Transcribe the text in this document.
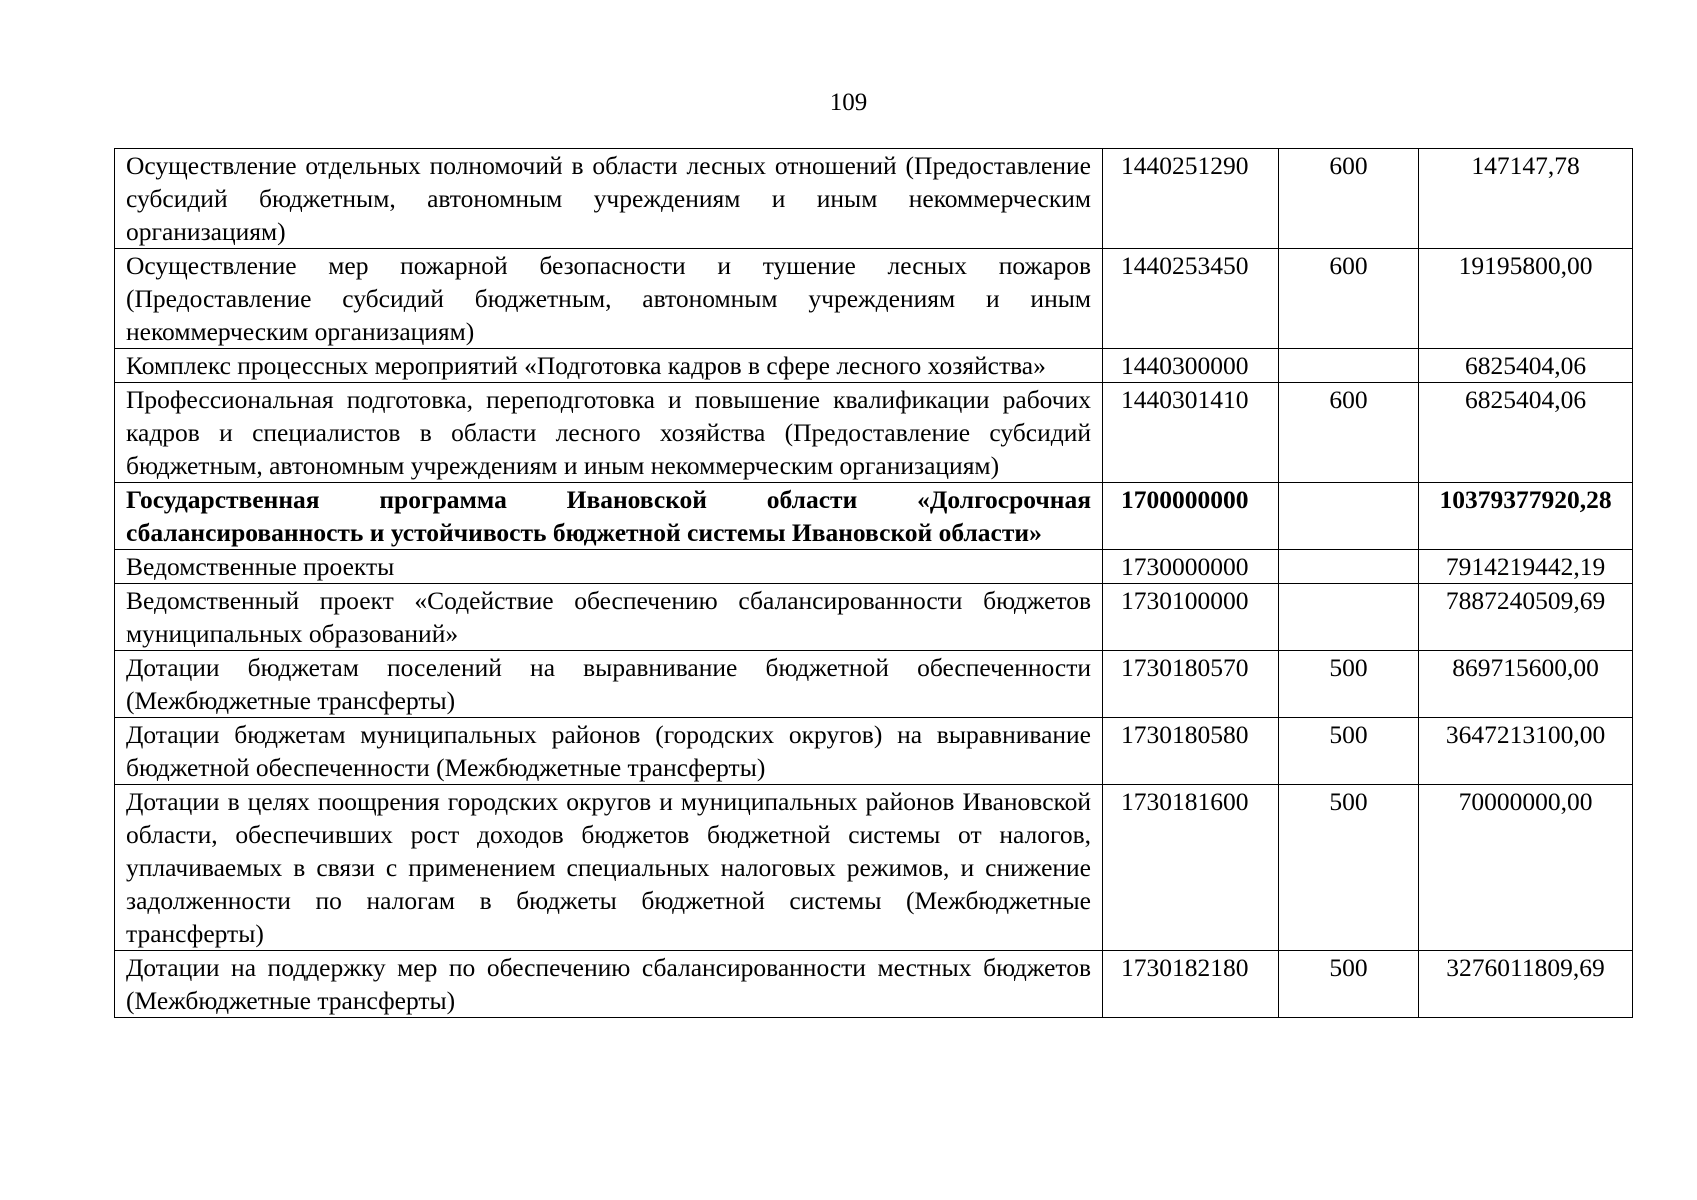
109
Осуществление отдельных полномочий в области лесных отношений (Предоставление субсидий бюджетным, автономным учреждениям и иным некоммерческим организациям)	1440251290	600	147147,78
Осуществление мер пожарной безопасности и тушение лесных пожаров (Предоставление субсидий бюджетным, автономным учреждениям и иным некоммерческим организациям)	1440253450	600	19195800,00
Комплекс процессных мероприятий «Подготовка кадров в сфере лесного хозяйства»	1440300000		6825404,06
Профессиональная подготовка, переподготовка и повышение квалификации рабочих кадров и специалистов в области лесного хозяйства (Предоставление субсидий бюджетным, автономным учреждениям и иным некоммерческим организациям)	1440301410	600	6825404,06
Государственная программа Ивановской области «Долгосрочная сбалансированность и устойчивость бюджетной системы Ивановской области»	1700000000		10379377920,28
Ведомственные проекты	1730000000		7914219442,19
Ведомственный проект «Содействие обеспечению сбалансированности бюджетов муниципальных образований»	1730100000		7887240509,69
Дотации бюджетам поселений на выравнивание бюджетной обеспеченности (Межбюджетные трансферты)	1730180570	500	869715600,00
Дотации бюджетам муниципальных районов (городских округов) на выравнивание бюджетной обеспеченности (Межбюджетные трансферты)	1730180580	500	3647213100,00
Дотации в целях поощрения городских округов и муниципальных районов Ивановской области, обеспечивших рост доходов бюджетов бюджетной системы от налогов, уплачиваемых в связи с применением специальных налоговых режимов, и снижение задолженности по налогам в бюджеты бюджетной системы (Межбюджетные трансферты)	1730181600	500	70000000,00
Дотации на поддержку мер по обеспечению сбалансированности местных бюджетов (Межбюджетные трансферты)	1730182180	500	3276011809,69
